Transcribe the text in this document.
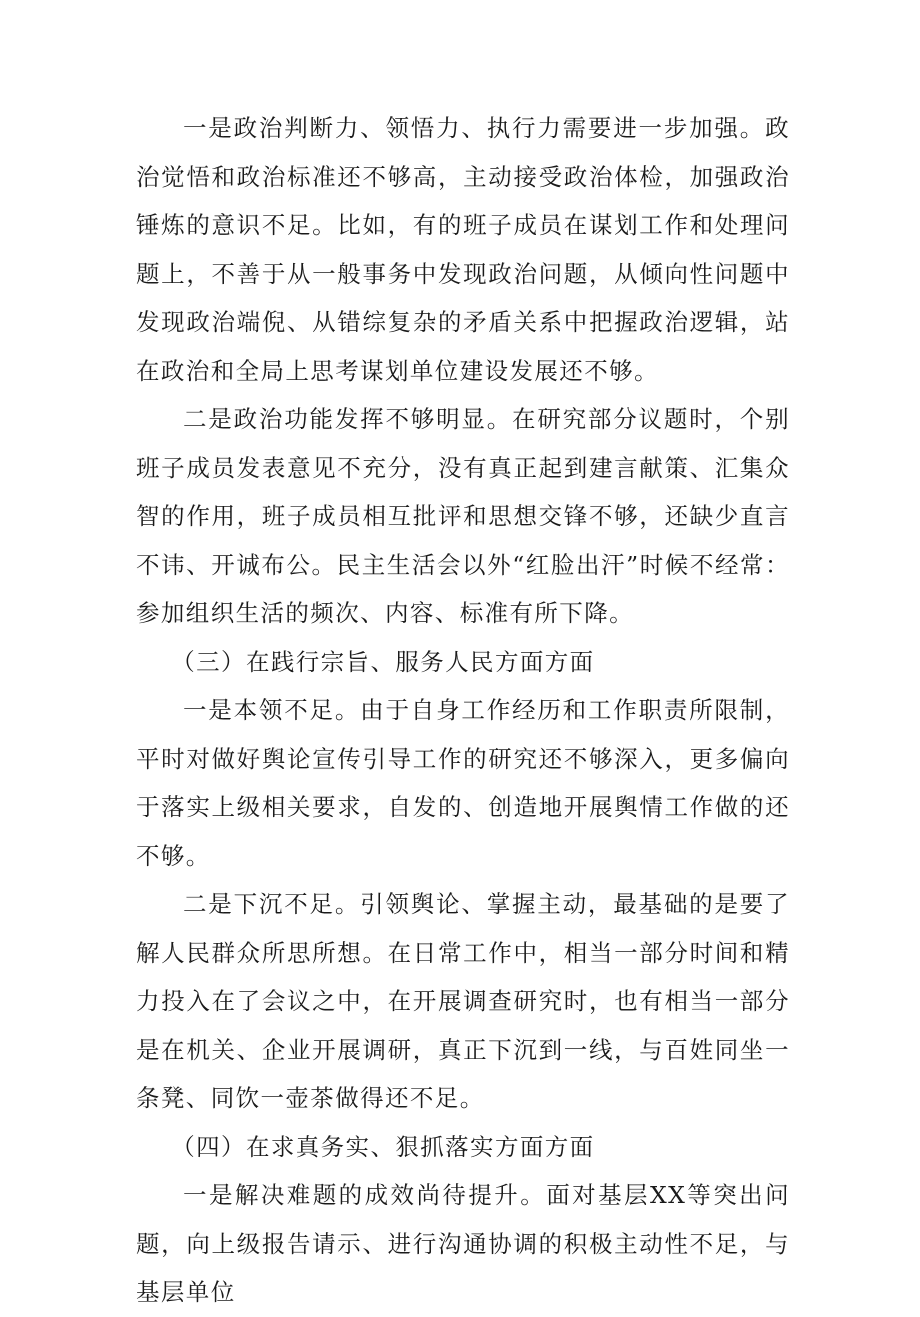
一是政治判断力、领悟力、执行力需要进一步加强。政治觉悟和政治标准还不够高，主动接受政治体检，加强政治锤炼的意识不足。比如，有的班子成员在谋划工作和处理问题上，不善于从一般事务中发现政治问题，从倾向性问题中发现政治端倪、从错综复杂的矛盾关系中把握政治逻辑，站在政治和全局上思考谋划单位建设发展还不够。

二是政治功能发挥不够明显。在研究部分议题时，个别班子成员发表意见不充分，没有真正起到建言献策、汇集众智的作用，班子成员相互批评和思想交锋不够，还缺少直言不讳、开诚布公。民主生活会以外“红脸出汗”时候不经常：参加组织生活的频次、内容、标准有所下降。

（三）在践行宗旨、服务人民方面方面

一是本领不足。由于自身工作经历和工作职责所限制，平时对做好舆论宣传引导工作的研究还不够深入，更多偏向于落实上级相关要求，自发的、创造地开展舆情工作做的还不够。

二是下沉不足。引领舆论、掌握主动，最基础的是要了解人民群众所思所想。在日常工作中，相当一部分时间和精力投入在了会议之中，在开展调查研究时，也有相当一部分是在机关、企业开展调研，真正下沉到一线，与百姓同坐一条凳、同饮一壶茶做得还不足。

（四）在求真务实、狠抓落实方面方面

一是解决难题的成效尚待提升。面对基层XX等突出问题，向上级报告请示、进行沟通协调的积极主动性不足，与基层单位
